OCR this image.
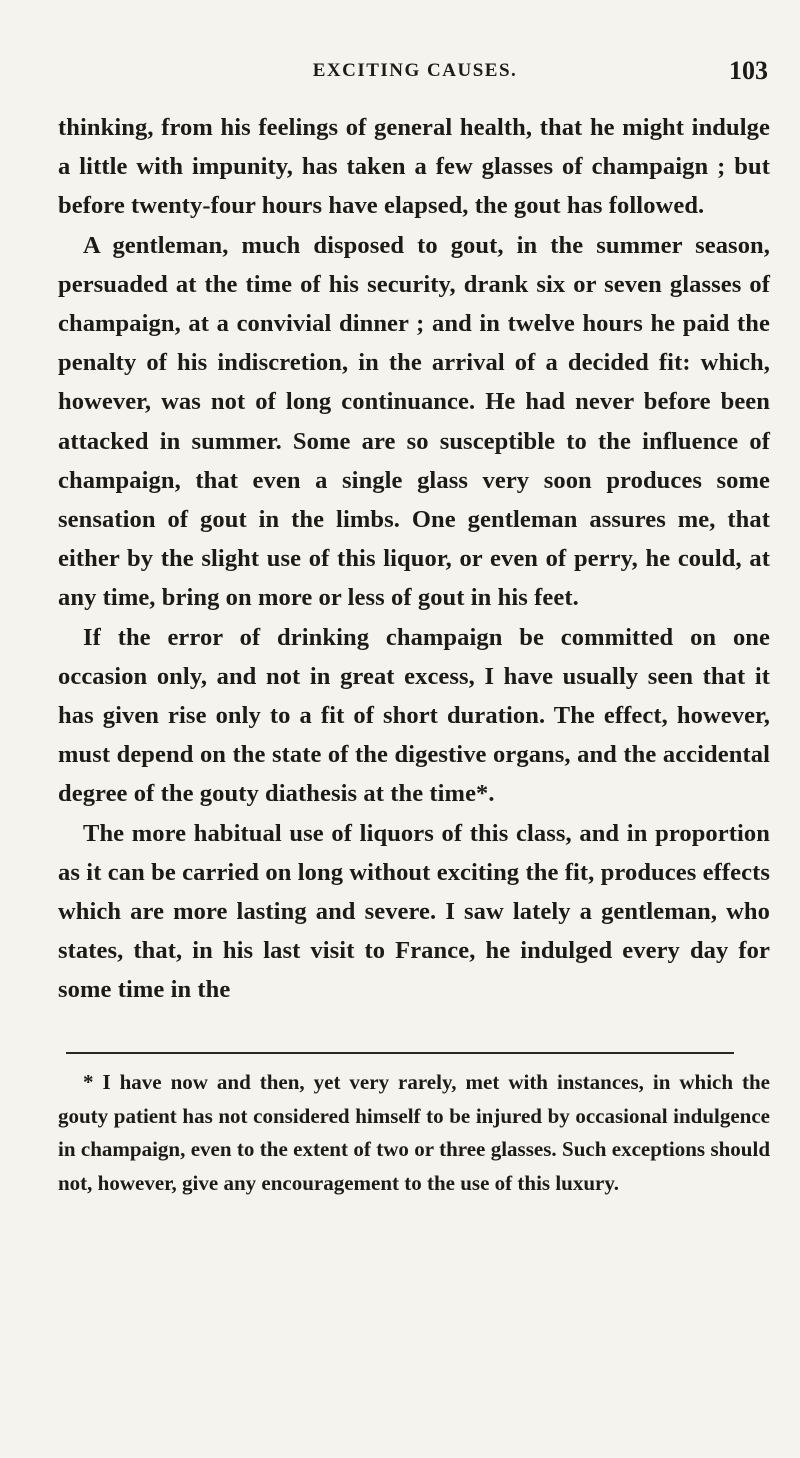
EXCITING CAUSES.	103

thinking, from his feelings of general health, that he might indulge a little with impunity, has taken a few glasses of champaign ; but before twenty-four hours have elapsed, the gout has followed.

A gentleman, much disposed to gout, in the summer season, persuaded at the time of his security, drank six or seven glasses of champaign, at a convivial dinner ; and in twelve hours he paid the penalty of his indiscretion, in the arrival of a decided fit: which, however, was not of long continuance. He had never before been attacked in summer. Some are so susceptible to the influence of champaign, that even a single glass very soon produces some sensation of gout in the limbs. One gentleman assures me, that either by the slight use of this liquor, or even of perry, he could, at any time, bring on more or less of gout in his feet.

If the error of drinking champaign be committed on one occasion only, and not in great excess, I have usually seen that it has given rise only to a fit of short duration. The effect, however, must depend on the state of the digestive organs, and the accidental degree of the gouty diathesis at the time*.

The more habitual use of liquors of this class, and in proportion as it can be carried on long without exciting the fit, produces effects which are more lasting and severe. I saw lately a gentleman, who states, that, in his last visit to France, he indulged every day for some time in the

* I have now and then, yet very rarely, met with instances, in which the gouty patient has not considered himself to be injured by occasional indulgence in champaign, even to the extent of two or three glasses. Such exceptions should not, however, give any encouragement to the use of this luxury.
